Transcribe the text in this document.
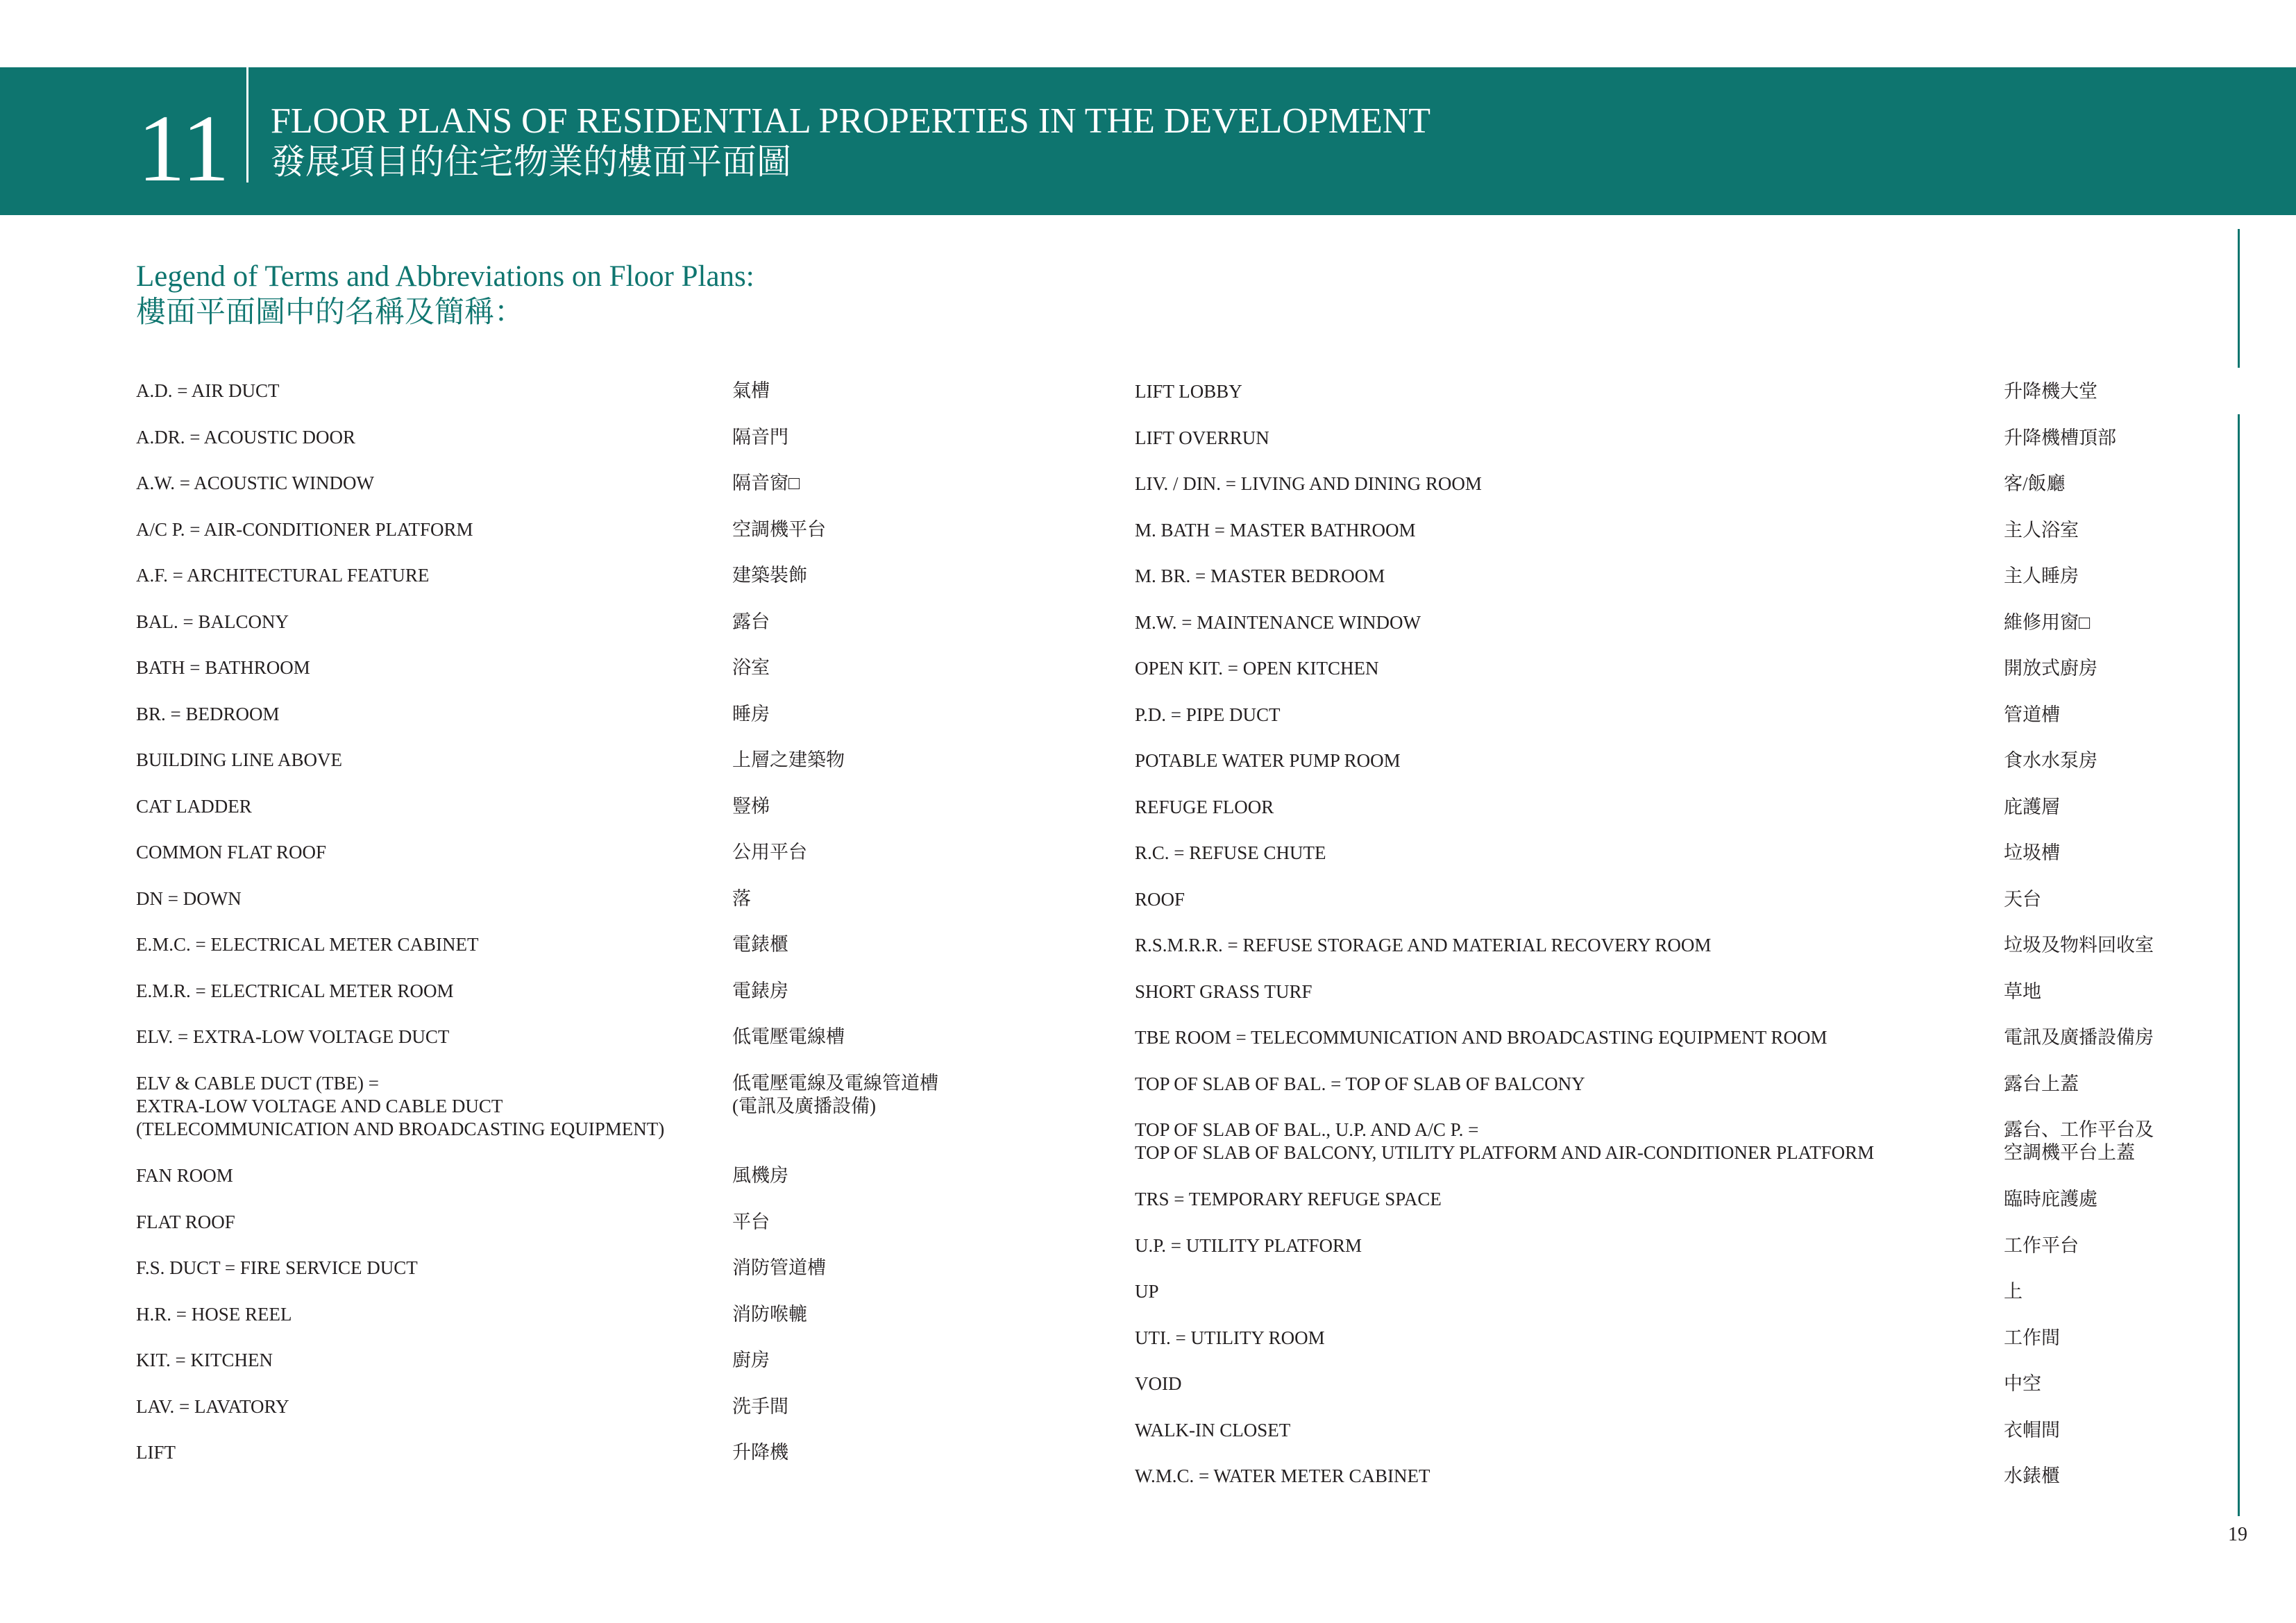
11 FLOOR PLANS OF RESIDENTIAL PROPERTIES IN THE DEVELOPMENT
發展項目的住宅物業的樓面平面圖
Legend of Terms and Abbreviations on Floor Plans:
樓面平面圖中的名稱及簡稱：
A.D. = AIR DUCT	氣槽
A.DR. = ACOUSTIC DOOR	隔音門
A.W. = ACOUSTIC WINDOW	隔音窗□
A/C P. = AIR-CONDITIONER PLATFORM	空調機平台
A.F. = ARCHITECTURAL FEATURE	建築裝飾
BAL. = BALCONY	露台
BATH = BATHROOM	浴室
BR. = BEDROOM	睡房
BUILDING LINE ABOVE	上層之建築物
CAT LADDER	豎梯
COMMON FLAT ROOF	公用平台
DN = DOWN	落
E.M.C. = ELECTRICAL METER CABINET	電錶櫃
E.M.R. = ELECTRICAL METER ROOM	電錶房
ELV. = EXTRA-LOW VOLTAGE DUCT	低電壓電線槽
ELV & CABLE DUCT (TBE) =
EXTRA-LOW VOLTAGE AND CABLE DUCT
(TELECOMMUNICATION AND BROADCASTING EQUIPMENT)
低電壓電線及電線管道槽
(電訊及廣播設備)
FAN ROOM	風機房
FLAT ROOF	平台
F.S. DUCT = FIRE SERVICE DUCT	消防管道槽
H.R. = HOSE REEL	消防喉轆
KIT. = KITCHEN	廚房
LAV. = LAVATORY	洗手間
LIFT	升降機
LIFT LOBBY	升降機大堂
LIFT OVERRUN	升降機槽頂部
LIV. / DIN. = LIVING AND DINING ROOM	客/飯廳
M. BATH = MASTER BATHROOM	主人浴室
M. BR. = MASTER BEDROOM	主人睡房
M.W. = MAINTENANCE WINDOW	維修用窗□
OPEN KIT. = OPEN KITCHEN	開放式廚房
P.D. = PIPE DUCT	管道槽
POTABLE WATER PUMP ROOM	食水水泵房
REFUGE FLOOR	庇護層
R.C. = REFUSE CHUTE	垃圾槽
ROOF	天台
R.S.M.R.R. = REFUSE STORAGE AND MATERIAL RECOVERY ROOM	垃圾及物料回收室
SHORT GRASS TURF	草地
TBE ROOM = TELECOMMUNICATION AND BROADCASTING EQUIPMENT ROOM	電訊及廣播設備房
TOP OF SLAB OF BAL. = TOP OF SLAB OF BALCONY	露台上蓋
TOP OF SLAB OF BAL., U.P. AND A/C P. =
TOP OF SLAB OF BALCONY, UTILITY PLATFORM AND AIR-CONDITIONER PLATFORM
露台、工作平台及
空調機平台上蓋
TRS = TEMPORARY REFUGE SPACE	臨時庇護處
U.P. = UTILITY PLATFORM	工作平台
UP	上
UTI. = UTILITY ROOM	工作間
VOID	中空
WALK-IN CLOSET	衣帽間
W.M.C. = WATER METER CABINET	水錶櫃
19
